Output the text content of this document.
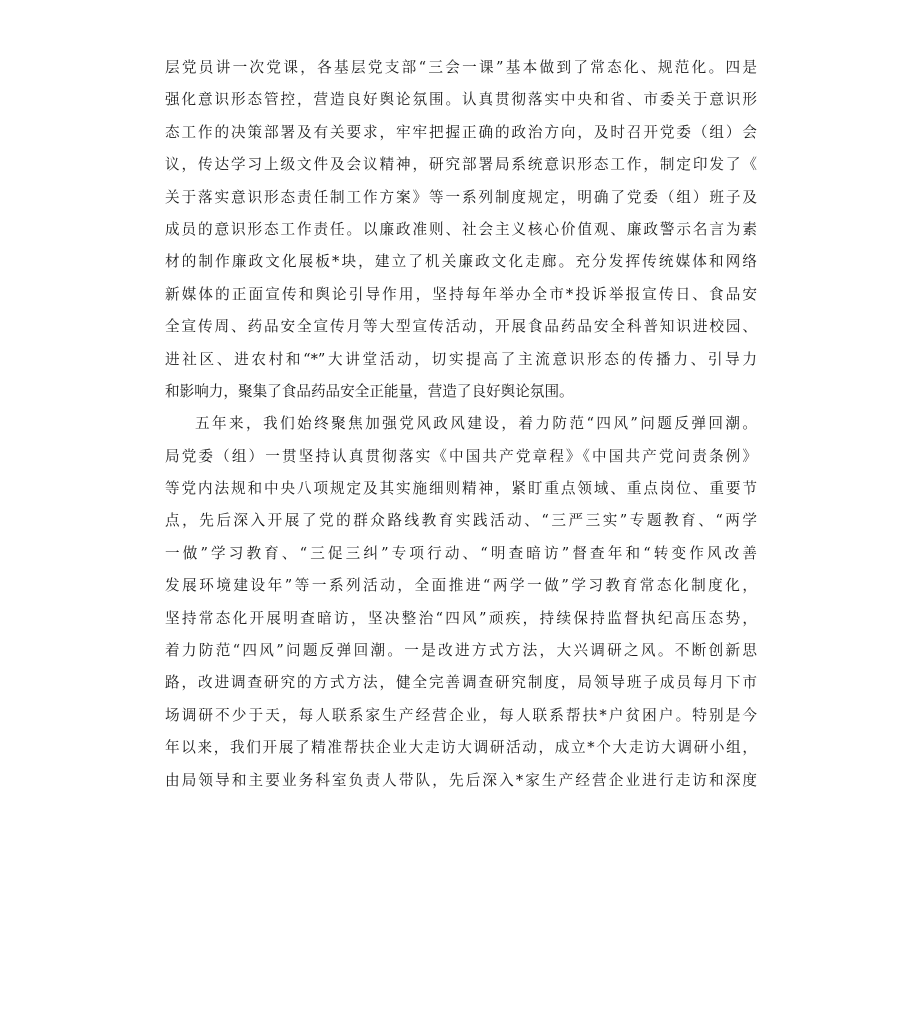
层党员讲一次党课，各基层党支部“三会一课”基本做到了常态化、规范化。四是
强化意识形态管控，营造良好舆论氛围。认真贯彻落实中央和省、市委关于意识形
态工作的决策部署及有关要求，牢牢把握正确的政治方向，及时召开党委（组）会
议，传达学习上级文件及会议精神，研究部署局系统意识形态工作，制定印发了《
关于落实意识形态责任制工作方案》等一系列制度规定，明确了党委（组）班子及
成员的意识形态工作责任。以廉政准则、社会主义核心价值观、廉政警示名言为素
材的制作廉政文化展板*块，建立了机关廉政文化走廊。充分发挥传统媒体和网络
新媒体的正面宣传和舆论引导作用，坚持每年举办全市*投诉举报宣传日、食品安
全宣传周、药品安全宣传月等大型宣传活动，开展食品药品安全科普知识进校园、
进社区、进农村和“*”大讲堂活动，切实提高了主流意识形态的传播力、引导力
和影响力，聚集了食品药品安全正能量，营造了良好舆论氛围。
五年来，我们始终聚焦加强党风政风建设，着力防范“四风”问题反弹回潮。
局党委（组）一贯坚持认真贯彻落实《中国共产党章程》《中国共产党问责条例》
等党内法规和中央八项规定及其实施细则精神，紧盯重点领域、重点岗位、重要节
点，先后深入开展了党的群众路线教育实践活动、“三严三实”专题教育、“两学
一做”学习教育、“三促三纠”专项行动、“明查暗访”督查年和“转变作风改善
发展环境建设年”等一系列活动，全面推进“两学一做”学习教育常态化制度化，
坚持常态化开展明查暗访，坚决整治“四风”顽疾，持续保持监督执纪高压态势，
着力防范“四风”问题反弹回潮。一是改进方式方法，大兴调研之风。不断创新思
路，改进调查研究的方式方法，健全完善调查研究制度，局领导班子成员每月下市
场调研不少于天，每人联系家生产经营企业，每人联系帮扶*户贫困户。特别是今
年以来，我们开展了精准帮扶企业大走访大调研活动，成立*个大走访大调研小组，
由局领导和主要业务科室负责人带队，先后深入*家生产经营企业进行走访和深度
